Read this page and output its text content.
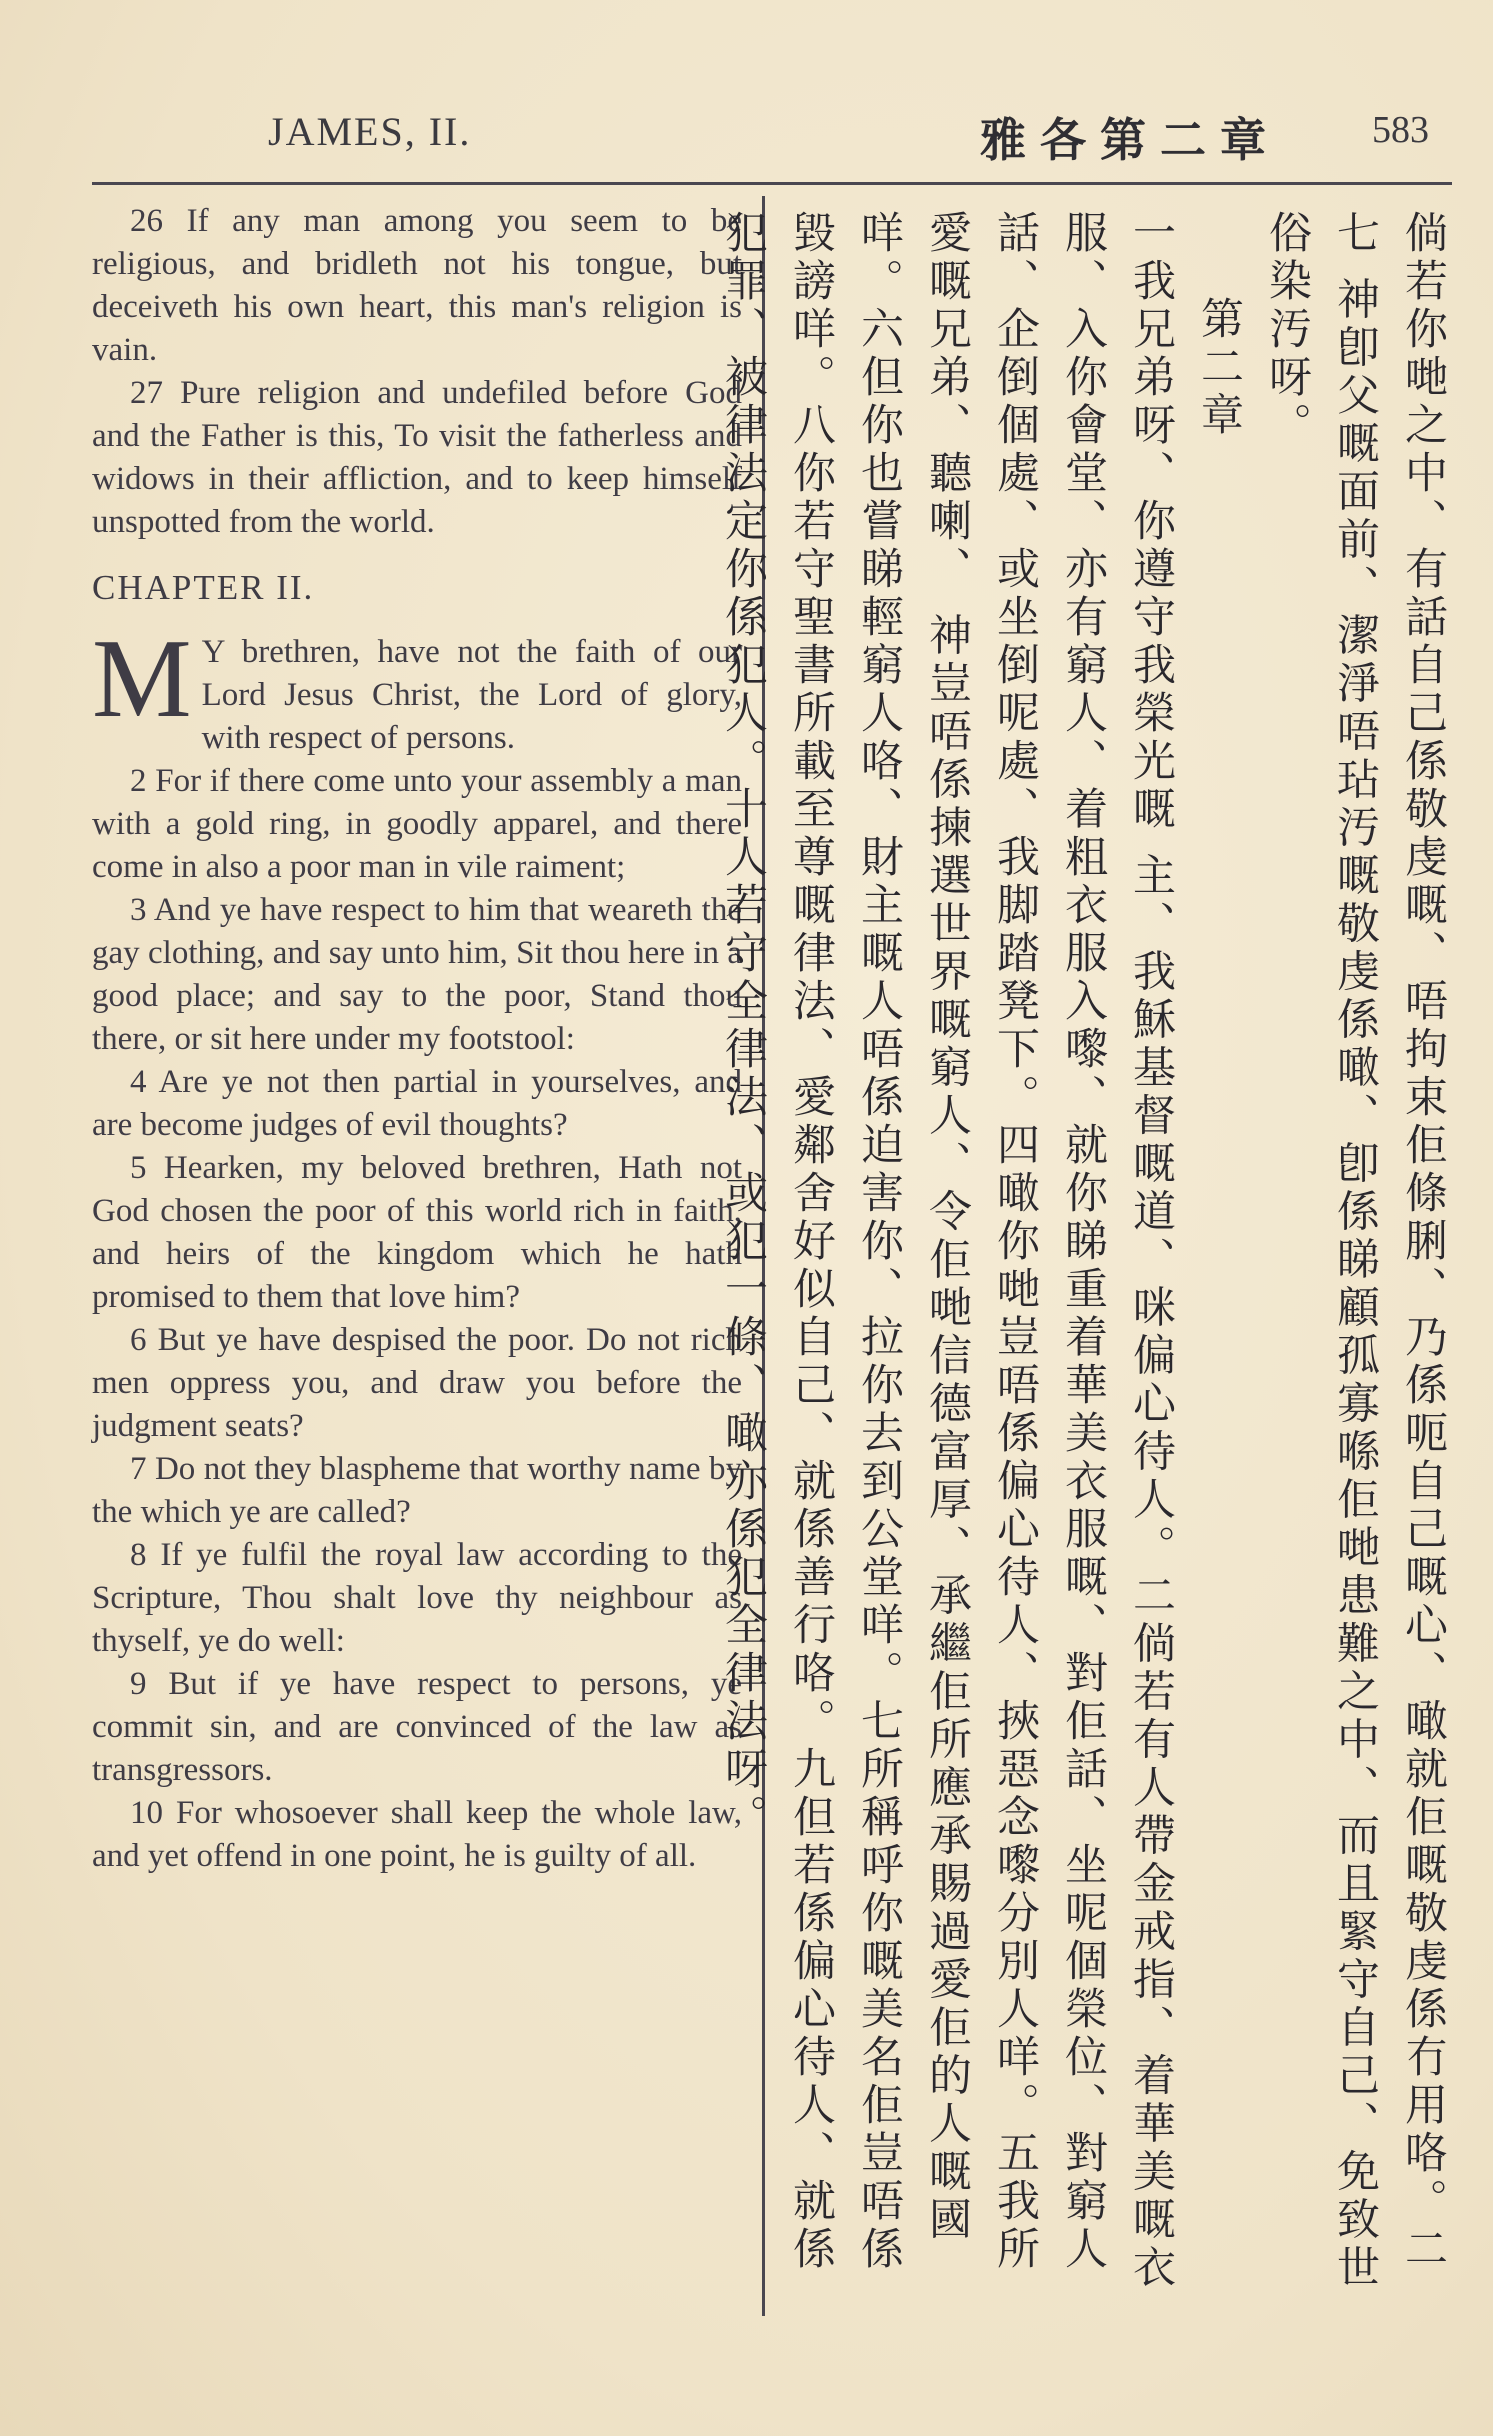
JAMES, II.	雅各第二章 583

26 If any man among you seem to be religious, and bridleth not his tongue, but deceiveth his own heart, this man's religion is vain.

27 Pure religion and undefiled before God and the Father is this, To visit the fatherless and widows in their affliction, and to keep himself unspotted from the world.

CHAPTER II.

M Y brethren, have not the faith of our Lord Jesus Christ, the Lord of glory, with respect of persons.

2 For if there come unto your assembly a man with a gold ring, in goodly apparel, and there come in also a poor man in vile raiment;

3 And ye have respect to him that weareth the gay clothing, and say unto him, Sit thou here in a good place; and say to the poor, Stand thou there, or sit here under my footstool:

4 Are ye not then partial in yourselves, and are become judges of evil thoughts?

5 Hearken, my beloved brethren, Hath not God chosen the poor of this world rich in faith, and heirs of the kingdom which he hath promised to them that love him?

6 But ye have despised the poor. Do not rich men oppress you, and draw you before the judgment seats?

7 Do not they blaspheme that worthy name by the which ye are called?

8 If ye fulfil the royal law according to the Scripture, Thou shalt love thy neighbour as thyself, ye do well:

9 But if ye have respect to persons, ye commit sin, and are convinced of the law as transgressors.

10 For whosoever shall keep the whole law, and yet offend in one point, he is guilty of all.	倘若你哋之中、有話自己係敬虔嘅、唔拘束佢條脷、乃係呃自己嘅心、噉就佢嘅敬虔係冇用咯。二七 神卽父嘅面前、潔淨唔玷汚嘅敬虔係噉、卽係睇顧孤寡喺佢哋患難之中、而且緊守自己、免致世俗染汚呀。

第二章

一我兄弟呀、你遵守我榮光嘅 主、我穌基督嘅道、咪偏心待人。二倘若有人帶金戒指、着華美嘅衣服、入你會堂、亦有窮人、着粗衣服入嚟、就你睇重着華美衣服嘅、對佢話、坐呢個榮位、對窮人話、企倒個處、或坐倒呢處、我脚踏凳下。四噉你哋豈唔係偏心待人、挾惡念嚟分別人咩。五我所愛嘅兄弟、聽喇、 神豈唔係揀選世界嘅窮人、令佢哋信德富厚、承繼佢所應承賜過愛佢的人嘅國咩。六但你也嘗睇輕窮人咯、財主嘅人唔係迫害你、拉你去到公堂咩。七所稱呼你嘅美名佢豈唔係毀謗咩。八你若守聖書所載至尊嘅律法、愛鄰舍好似自己、就係善行咯。九但若係偏心待人、就係犯罪、被律法定你係犯人。十人若守全律法、或犯一條、噉亦係犯全律法呀。
